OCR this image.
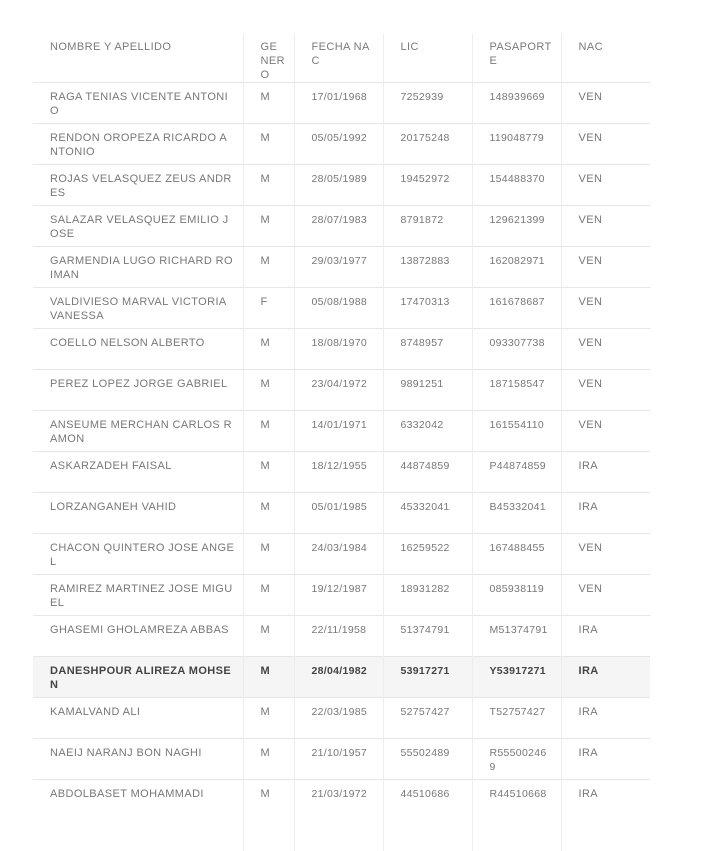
NOMBRE Y APELLIDO	GENERO	FECHA NAC	LIC	PASAPORTE	NAC
RAGA TENIAS VICENTE ANTONIO	M	17/01/1968	7252939	148939669	VEN
RENDON OROPEZA RICARDO ANTONIO	M	05/05/1992	20175248	119048779	VEN
ROJAS VELASQUEZ ZEUS ANDRES	M	28/05/1989	19452972	154488370	VEN
SALAZAR VELASQUEZ EMILIO JOSE	M	28/07/1983	8791872	129621399	VEN
GARMENDIA LUGO RICHARD ROIMAN	M	29/03/1977	13872883	162082971	VEN
VALDIVIESO MARVAL VICTORIA VANESSA	F	05/08/1988	17470313	161678687	VEN
COELLO NELSON ALBERTO	M	18/08/1970	8748957	093307738	VEN
PEREZ LOPEZ JORGE GABRIEL	M	23/04/1972	9891251	187158547	VEN
ANSEUME MERCHAN CARLOS RAMON	M	14/01/1971	6332042	161554110	VEN
ASKARZADEH FAISAL	M	18/12/1955	44874859	P44874859	IRA
LORZANGANEH VAHID	M	05/01/1985	45332041	B45332041	IRA
CHACON QUINTERO JOSE ANGEL	M	24/03/1984	16259522	167488455	VEN
RAMIREZ MARTINEZ JOSE MIGUEL	M	19/12/1987	18931282	085938119	VEN
GHASEMI GHOLAMREZA ABBAS	M	22/11/1958	51374791	M51374791	IRA
DANESHPOUR ALIREZA MOHSEN	M	28/04/1982	53917271	Y53917271	IRA
KAMALVAND ALI	M	22/03/1985	52757427	T52757427	IRA
NAEIJ NARANJ BON NAGHI	M	21/10/1957	55502489	R555002469	IRA
ABDOLBASET MOHAMMADI	M	21/03/1972	44510686	R44510668	IRA
